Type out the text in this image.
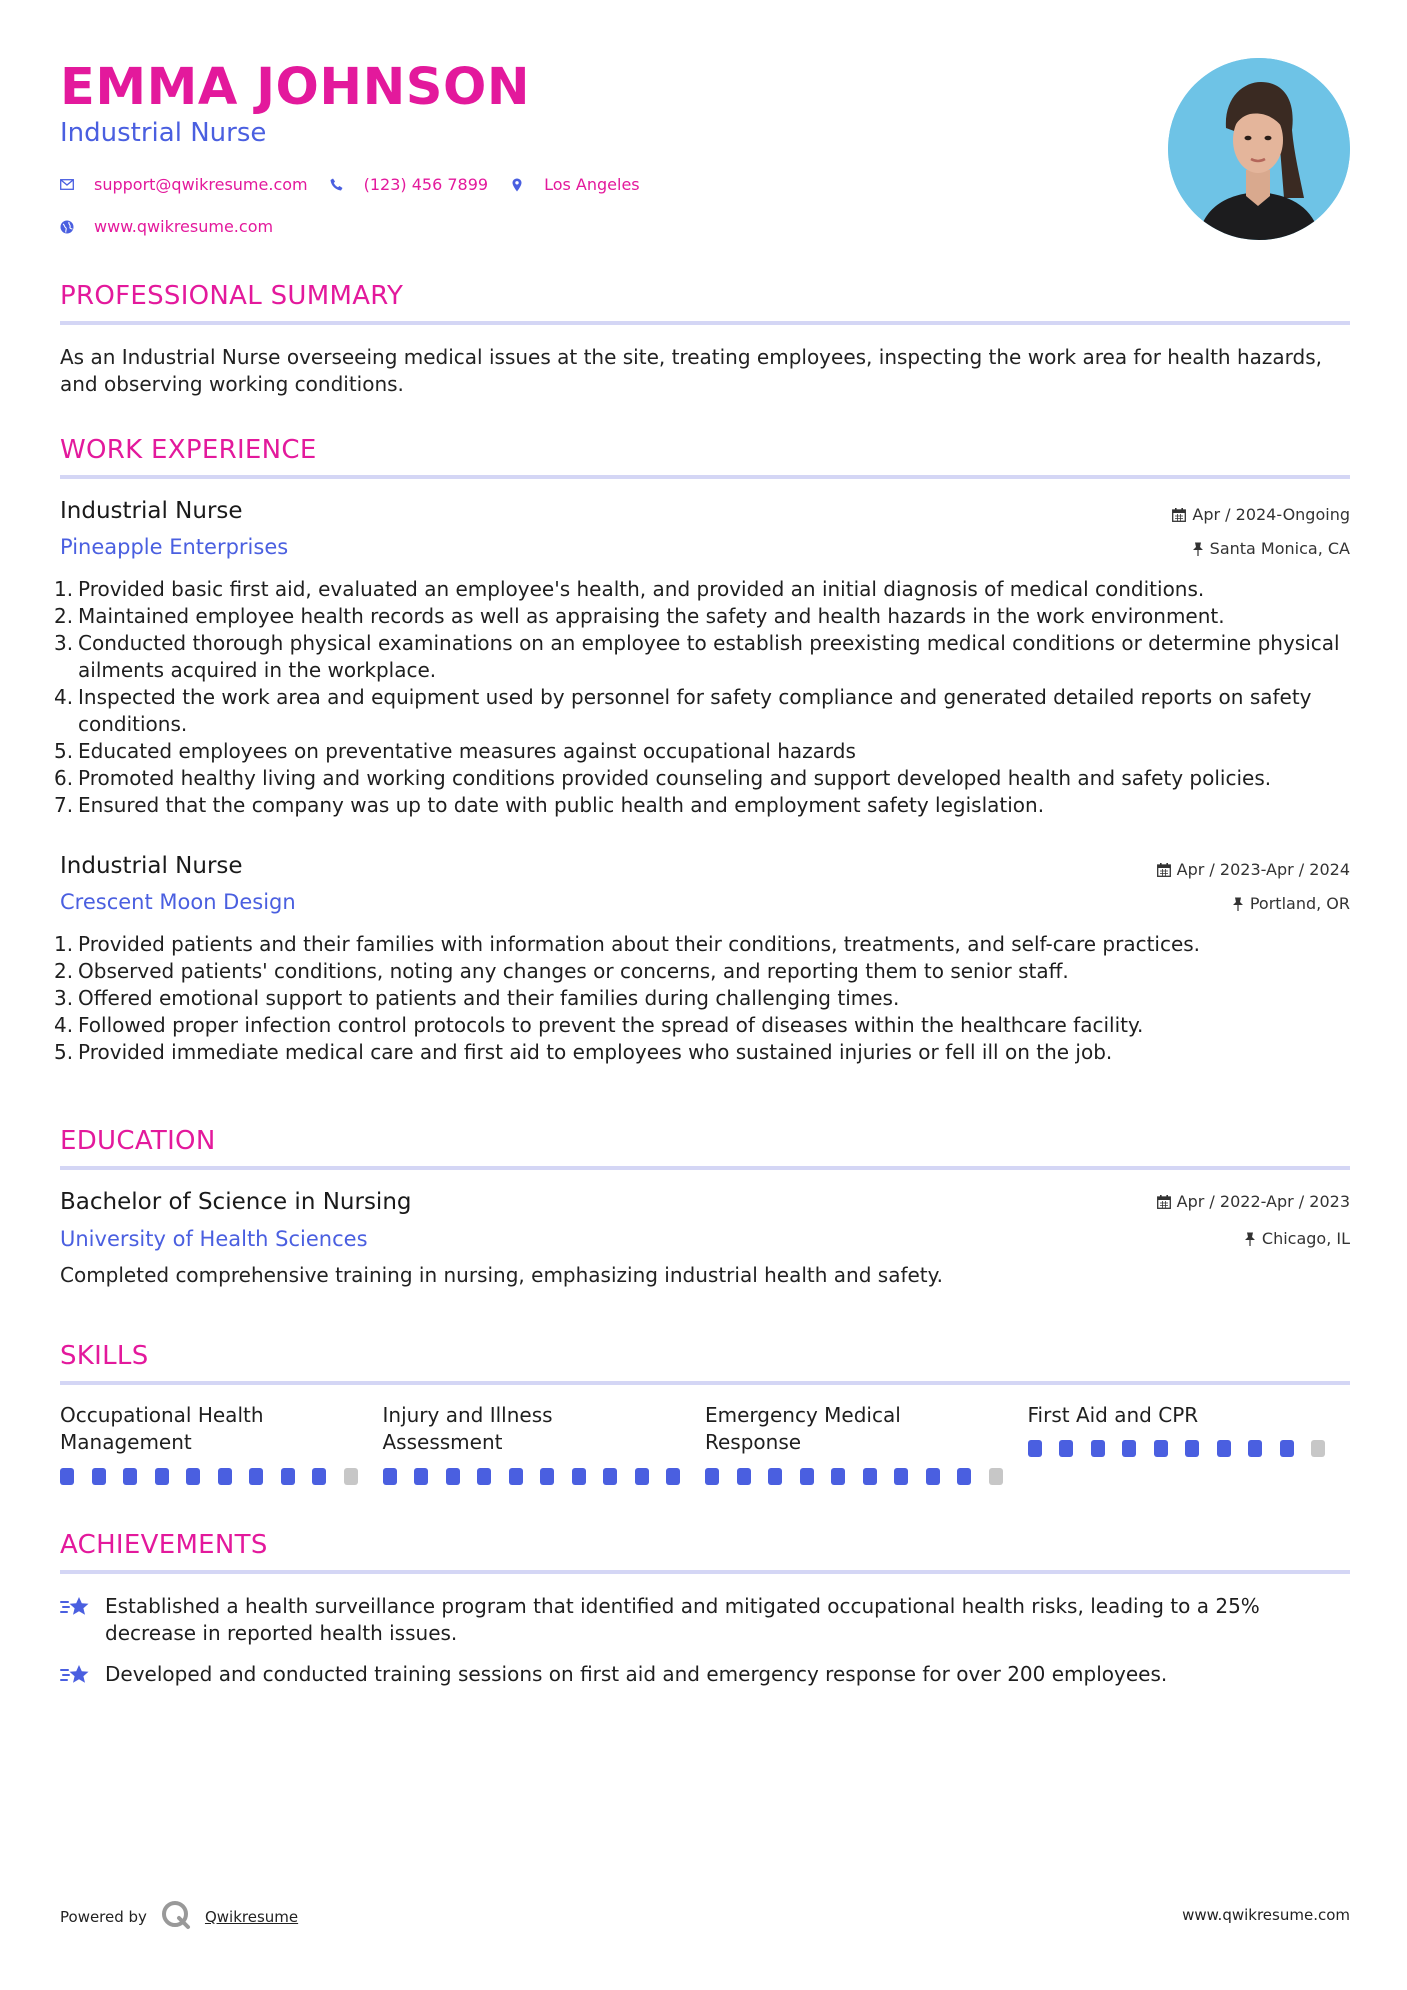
EMMA JOHNSON
Industrial Nurse
support@qwikresume.com	(123) 456 7899	Los Angeles
www.qwikresume.com
PROFESSIONAL SUMMARY
As an Industrial Nurse overseeing medical issues at the site, treating employees, inspecting the work area for health hazards, and observing working conditions.
WORK EXPERIENCE
Industrial Nurse	Apr / 2024-Ongoing
Pineapple Enterprises	Santa Monica, CA
Provided basic first aid, evaluated an employee's health, and provided an initial diagnosis of medical conditions.
Maintained employee health records as well as appraising the safety and health hazards in the work environment.
Conducted thorough physical examinations on an employee to establish preexisting medical conditions or determine physical ailments acquired in the workplace.
Inspected the work area and equipment used by personnel for safety compliance and generated detailed reports on safety conditions.
Educated employees on preventative measures against occupational hazards
Promoted healthy living and working conditions provided counseling and support developed health and safety policies.
Ensured that the company was up to date with public health and employment safety legislation.
Industrial Nurse	Apr / 2023-Apr / 2024
Crescent Moon Design	Portland, OR
Provided patients and their families with information about their conditions, treatments, and self-care practices.
Observed patients' conditions, noting any changes or concerns, and reporting them to senior staff.
Offered emotional support to patients and their families during challenging times.
Followed proper infection control protocols to prevent the spread of diseases within the healthcare facility.
Provided immediate medical care and first aid to employees who sustained injuries or fell ill on the job.
EDUCATION
Bachelor of Science in Nursing	Apr / 2022-Apr / 2023
University of Health Sciences	Chicago, IL
Completed comprehensive training in nursing, emphasizing industrial health and safety.
SKILLS
Occupational Health Management
Injury and Illness Assessment
Emergency Medical Response
First Aid and CPR
ACHIEVEMENTS
Established a health surveillance program that identified and mitigated occupational health risks, leading to a 25% decrease in reported health issues.
Developed and conducted training sessions on first aid and emergency response for over 200 employees.
Powered by	Qwikresume	www.qwikresume.com
